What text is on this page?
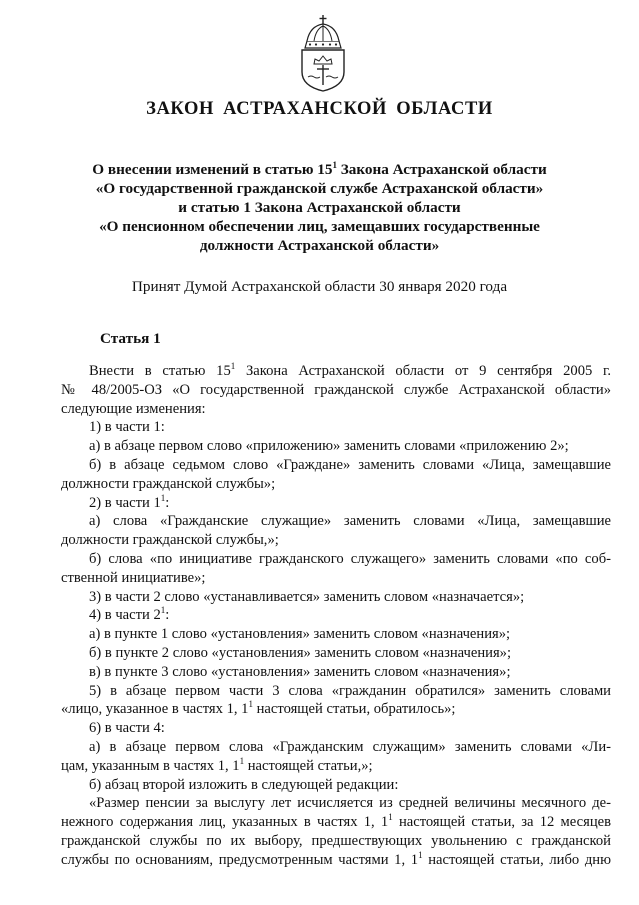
ЗАКОН АСТРАХАНСКОЙ ОБЛАСТИ
О внесении изменений в статью $15^1$ Закона Астраханской области
«О государственной гражданской службе Астраханской области»
и статью 1 Закона Астраханской области
«О пенсионном обеспечении лиц, замещавших государственные
должности Астраханской области»
Принят Думой Астраханской области 30 января 2020 года
Статья 1
Внести в статью $15^1$ Закона Астраханской области от 9 сентября 2005 г.
№ 48/2005-ОЗ «О государственной гражданской службе Астраханской области»
следующие изменения:
1) в части 1:
а) в абзаце первом слово «приложению» заменить словами «приложению 2»;
б) в абзаце седьмом слово «Граждане» заменить словами «Лица, замещавшие
должности гражданской службы»;
2) в части $1^1$:
а) слова «Гражданские служащие» заменить словами «Лица, замещавшие
должности гражданской службы,»;
б) слова «по инициативе гражданского служащего» заменить словами «по соб-
ственной инициативе»;
3) в части 2 слово «устанавливается» заменить словом «назначается»;
4) в части $2^1$:
а) в пункте 1 слово «установления» заменить словом «назначения»;
б) в пункте 2 слово «установления» заменить словом «назначения»;
в) в пункте 3 слово «установления» заменить словом «назначения»;
5) в абзаце первом части 3 слова «гражданин обратился» заменить словами
«лицо, указанное в частях 1, $1^1$ настоящей статьи, обратилось»;
6) в части 4:
а) в абзаце первом слова «Гражданским служащим» заменить словами «Ли-
цам, указанным в частях 1, $1^1$ настоящей статьи,»;
б) абзац второй изложить в следующей редакции:
«Размер пенсии за выслугу лет исчисляется из средней величины месячного де-
нежного содержания лиц, указанных в частях 1, $1^1$ настоящей статьи, за 12 месяцев
гражданской службы по их выбору, предшествующих увольнению с гражданской
службы по основаниям, предусмотренным частями 1, $1^1$ настоящей статьи, либо дню
